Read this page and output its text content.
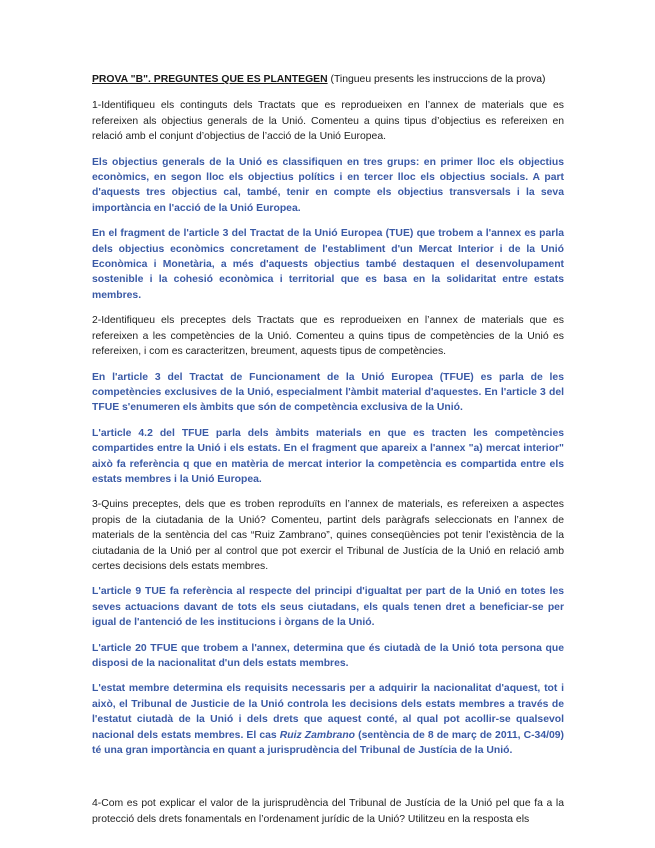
PROVA "B". PREGUNTES QUE ES PLANTEGEN (Tingueu presents les instruccions de la prova)

1-Identifiqueu els continguts dels Tractats que es reprodueixen en l’annex de materials que es refereixen als objectius generals de la Unió. Comenteu a quins tipus d’objectius es refereixen en relació amb el conjunt d’objectius de l’acció de la Unió Europea.

Els objectius generals de la Unió es classifiquen en tres grups: en primer lloc els objectius econòmics, en segon lloc els objectius polítics i en tercer lloc els objectius socials. A part d'aquests tres objectius cal, també, tenir en compte els objectius transversals i la seva importància en l'acció de la Unió Europea.

En el fragment de l'article 3 del Tractat de la Unió Europea (TUE) que trobem a l'annex es parla dels objectius econòmics concretament de l'establiment d'un Mercat Interior i de la Unió Econòmica i Monetària, a més d'aquests objectius també destaquen el desenvolupament sostenible i la cohesió econòmica i territorial que es basa en la solidaritat entre estats membres.

2-Identifiqueu els preceptes dels Tractats que es reprodueixen en l’annex de materials que es refereixen a les competències de la Unió. Comenteu a quins tipus de competències de la Unió es refereixen, i com es caracteritzen, breument, aquests tipus de competències.

En l'article 3 del Tractat de Funcionament de la Unió Europea (TFUE) es parla de les competències exclusives de la Unió, especialment l'àmbit material d'aquestes. En l'article 3 del TFUE s'enumeren els àmbits que són de competència exclusiva de la Unió.

L'article 4.2 del TFUE parla dels àmbits materials en que es tracten les competències compartides entre la Unió i els estats. En el fragment que apareix a l'annex "a) mercat interior" això fa referència q que en matèria de mercat interior la competència es compartida entre els estats membres i la Unió Europea.

3-Quins preceptes, dels que es troben reproduïts en l’annex de materials, es refereixen a aspectes propis de la ciutadania de la Unió? Comenteu, partint dels paràgrafs seleccionats en l’annex de materials de la sentència del cas “Ruiz Zambrano”, quines conseqüències pot tenir l’existència de la ciutadania de la Unió per al control que pot exercir el Tribunal de Justícia de la Unió en relació amb certes decisions dels estats membres.

L'article 9 TUE fa referència al respecte del principi d'igualtat per part de la Unió en totes les seves actuacions davant de tots els seus ciutadans, els quals tenen dret a beneficiar-se per igual de l'antenció de les institucions i òrgans de la Unió.

L'article 20 TFUE que trobem a l'annex, determina que és ciutadà de la Unió tota persona que disposi de la nacionalitat d'un dels estats membres.

L'estat membre determina els requisits necessaris per a adquirir la nacionalitat d'aquest, tot i això, el Tribunal de Justicie de la Unió controla les decisions dels estats membres a través de l'estatut ciutadà de la Unió i dels drets que aquest conté, al qual pot acollir-se qualsevol nacional dels estats membres. El cas Ruiz Zambrano (sentència de 8 de març de 2011, C-34/09) té una gran importància en quant a jurisprudència del Tribunal de Justícia de la Unió.

4-Com es pot explicar el valor de la jurisprudència del Tribunal de Justícia de la Unió pel que fa a la protecció dels drets fonamentals en l’ordenament jurídic de la Unió? Utilitzeu en la resposta els
